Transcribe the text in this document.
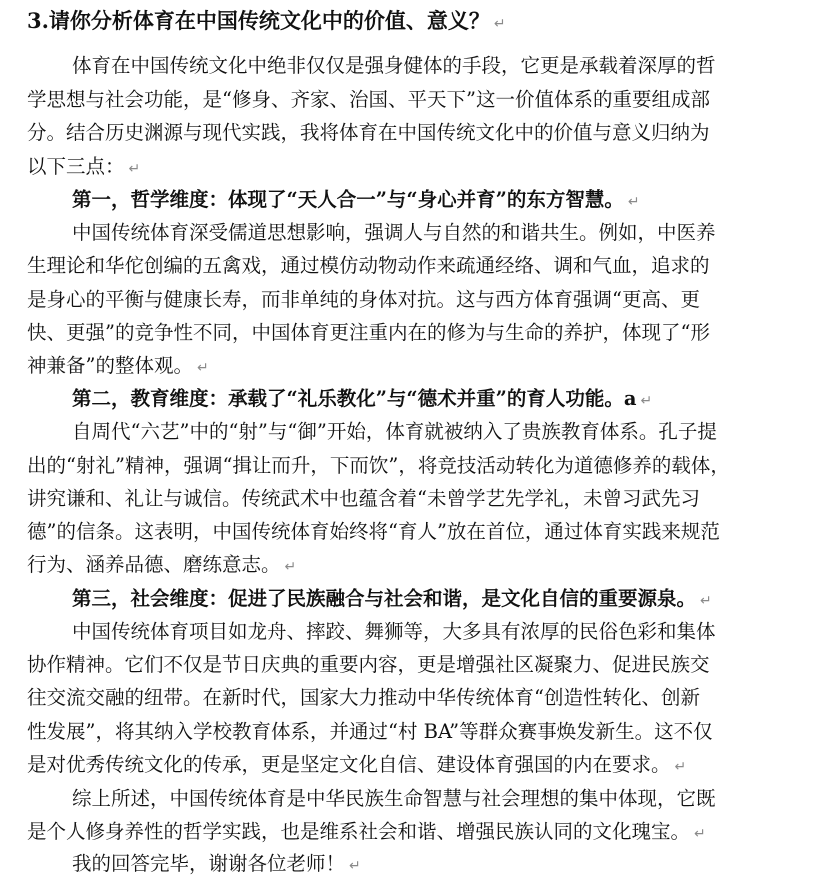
3.请你分析体育在中国传统文化中的价值、意义？ ↵
体育在中国传统文化中绝非仅仅是强身健体的手段，它更是承载着深厚的哲
学思想与社会功能，是“修身、齐家、治国、平天下”这一价值体系的重要组成部
分。结合历史渊源与现代实践，我将体育在中国传统文化中的价值与意义归纳为
以下三点： ↵
第一，哲学维度：体现了“天人合一”与“身心并育”的东方智慧。 ↵
中国传统体育深受儒道思想影响，强调人与自然的和谐共生。例如，中医养
生理论和华佗创编的五禽戏，通过模仿动物动作来疏通经络、调和气血，追求的
是身心的平衡与健康长寿，而非单纯的身体对抗。这与西方体育强调“更高、更
快、更强”的竞争性不同，中国体育更注重内在的修为与生命的养护，体现了“形
神兼备”的整体观。 ↵
第二，教育维度：承载了“礼乐教化”与“德术并重”的育人功能。a ↵
自周代“六艺”中的“射”与“御”开始，体育就被纳入了贵族教育体系。孔子提
出的“射礼”精神，强调“揖让而升，下而饮”，将竞技活动转化为道德修养的载体，
讲究谦和、礼让与诚信。传统武术中也蕴含着“未曾学艺先学礼，未曾习武先习
德”的信条。这表明，中国传统体育始终将“育人”放在首位，通过体育实践来规范
行为、涵养品德、磨练意志。 ↵
第三，社会维度：促进了民族融合与社会和谐，是文化自信的重要源泉。 ↵
中国传统体育项目如龙舟、摔跤、舞狮等，大多具有浓厚的民俗色彩和集体
协作精神。它们不仅是节日庆典的重要内容，更是增强社区凝聚力、促进民族交
往交流交融的纽带。在新时代，国家大力推动中华传统体育“创造性转化、创新
性发展”，将其纳入学校教育体系，并通过“村 BA”等群众赛事焕发新生。这不仅
是对优秀传统文化的传承，更是坚定文化自信、建设体育强国的内在要求。 ↵
综上所述，中国传统体育是中华民族生命智慧与社会理想的集中体现，它既
是个人修身养性的哲学实践，也是维系社会和谐、增强民族认同的文化瑰宝。 ↵
我的回答完毕，谢谢各位老师！ ↵
